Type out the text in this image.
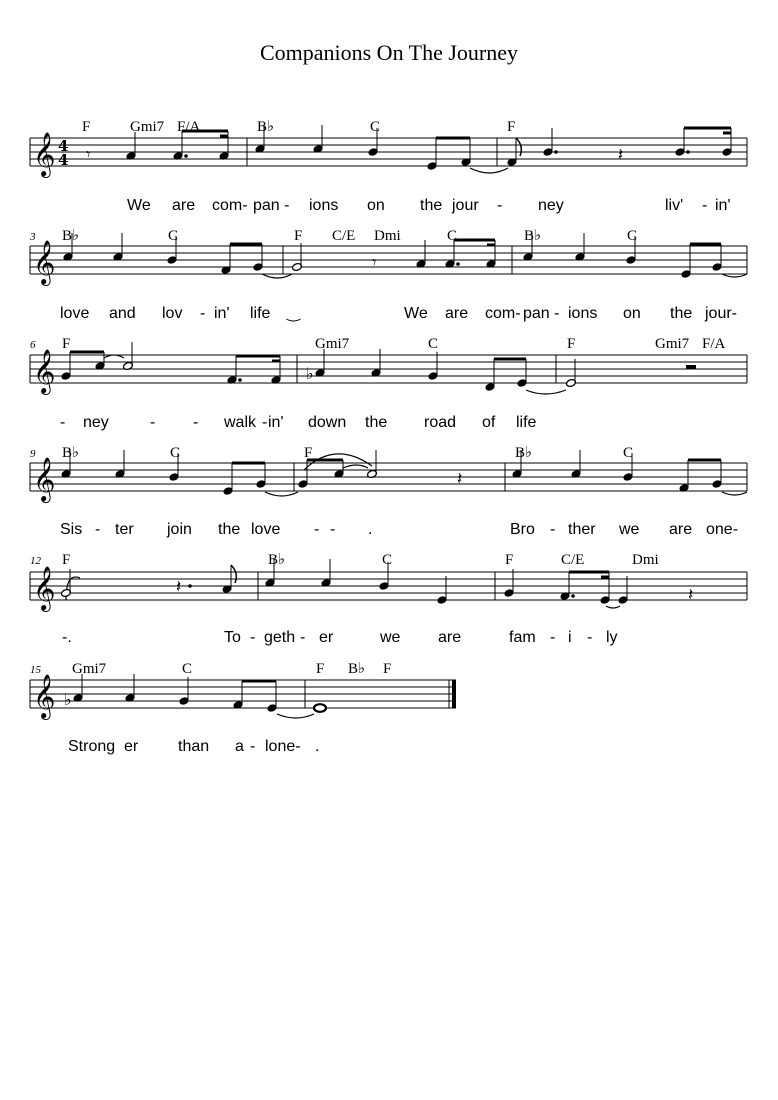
Companions On The Journey
F	Gmi7 F/A	B♭	C	F
𝄞 4
4 𝄾	𝄽
We are com- pan - ions on the jour - ney	liv' - in'
3 B♭	C	F C/E Dmi	C	B♭	C
𝄞	𝄾
love and lov - in' life ‿	We are com- pan - ions on the jour-
6 F	Gmi7	C	F	Gmi7 F/A
𝄞	♭
- ney	- - walk - in' down the road of life
9 B♭	C	F	B♭	C
𝄞	𝄽
Sis - ter join the love - - .	Bro - ther we are one-
12 F	B♭	C	F	C/E	Dmi
𝄞	𝄽	𝄽
-.	To - geth - er	we are	fam - i - ly
15 Gmi7	C	F B♭ F
𝄞 ♭
Strong er than a - lone- .
